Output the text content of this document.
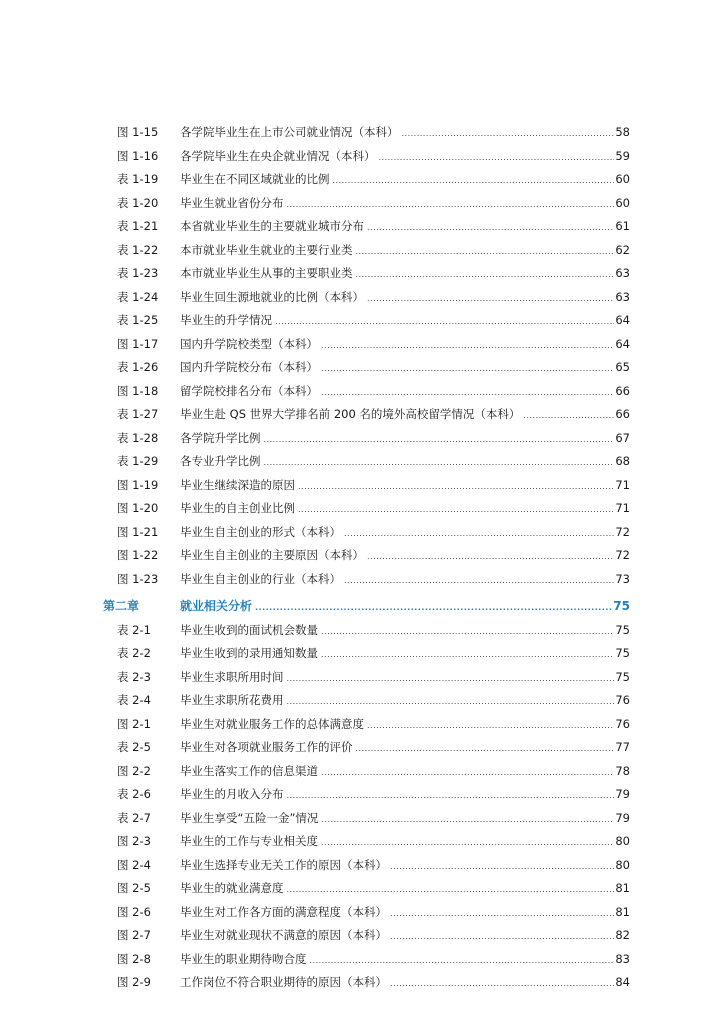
图 1-15	各学院毕业生在上市公司就业情况（本科） .....	58
图 1-16	各学院毕业生在央企就业情况（本科） .....	59
表 1-19	毕业生在不同区域就业的比例 .....	60
表 1-20	毕业生就业省份分布 .....	60
表 1-21	本省就业毕业生的主要就业城市分布 .....	61
表 1-22	本市就业毕业生就业的主要行业类 .....	62
表 1-23	本市就业毕业生从事的主要职业类 .....	63
表 1-24	毕业生回生源地就业的比例（本科） .....	63
表 1-25	毕业生的升学情况 .....	64
图 1-17	国内升学院校类型（本科） .....	64
表 1-26	国内升学院校分布（本科） .....	65
图 1-18	留学院校排名分布（本科） .....	66
表 1-27	毕业生赴 QS 世界大学排名前 200 名的境外高校留学情况（本科） .....	66
表 1-28	各学院升学比例 .....	67
表 1-29	各专业升学比例 .....	68
图 1-19	毕业生继续深造的原因 .....	71
图 1-20	毕业生的自主创业比例 .....	71
图 1-21	毕业生自主创业的形式（本科） .....	72
图 1-22	毕业生自主创业的主要原因（本科） .....	72
图 1-23	毕业生自主创业的行业（本科） .....	73
第二章	就业相关分析 .....	75
表 2-1	毕业生收到的面试机会数量 .....	75
表 2-2	毕业生收到的录用通知数量 .....	75
表 2-3	毕业生求职所用时间 .....	75
表 2-4	毕业生求职所花费用 .....	76
图 2-1	毕业生对就业服务工作的总体满意度 .....	76
表 2-5	毕业生对各项就业服务工作的评价 .....	77
图 2-2	毕业生落实工作的信息渠道 .....	78
表 2-6	毕业生的月收入分布 .....	79
表 2-7	毕业生享受“五险一金”情况 .....	79
图 2-3	毕业生的工作与专业相关度 .....	80
图 2-4	毕业生选择专业无关工作的原因（本科） .....	80
图 2-5	毕业生的就业满意度 .....	81
图 2-6	毕业生对工作各方面的满意程度（本科） .....	81
图 2-7	毕业生对就业现状不满意的原因（本科） .....	82
图 2-8	毕业生的职业期待吻合度 .....	83
图 2-9	工作岗位不符合职业期待的原因（本科） .....	84
